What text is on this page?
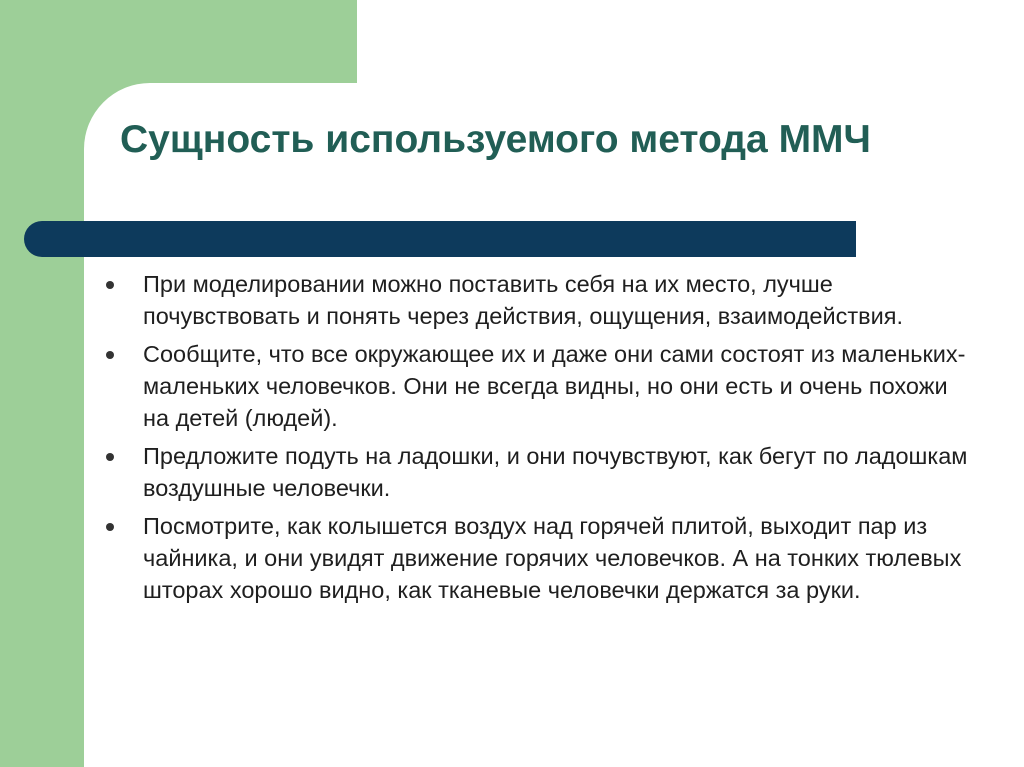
Сущность используемого метода ММЧ
При моделировании можно поставить себя на их место, лучше почувствовать и понять через действия, ощущения, взаимодействия.
Сообщите, что все окружающее их и даже они сами состоят из маленьких-маленьких человечков. Они не всегда видны, но они есть и очень похожи на детей (людей).
Предложите подуть на ладошки, и они почувствуют, как бегут по ладошкам воздушные человечки.
Посмотрите, как колышется воздух над горячей плитой, выходит пар из чайника, и они увидят движение горячих человечков. А на тонких тюлевых шторах хорошо видно, как тканевые человечки держатся за руки.
